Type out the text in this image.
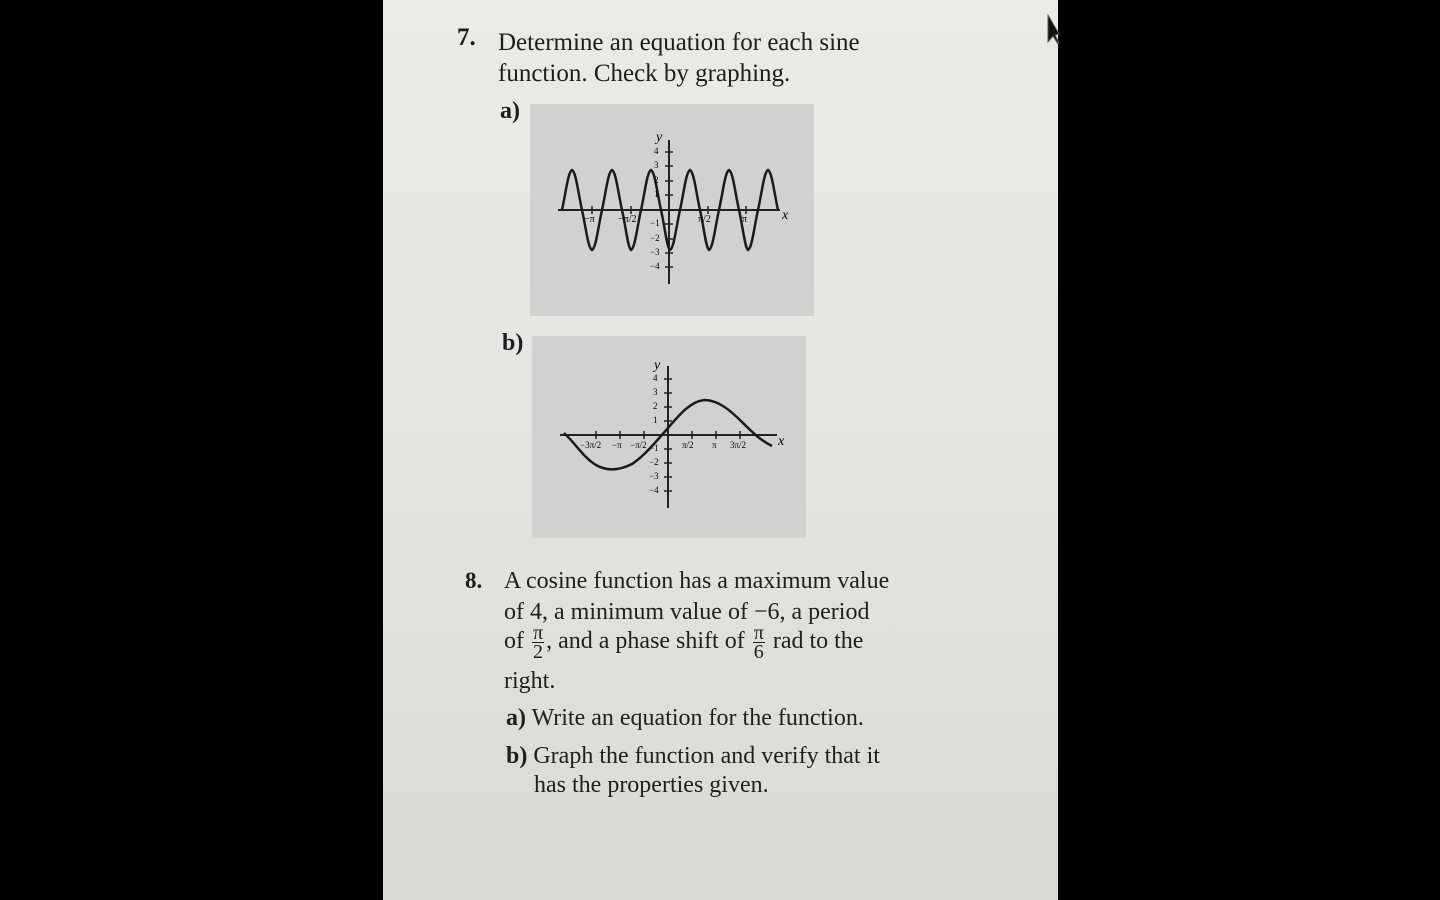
7. Determine an equation for each sine
function. Check by graphing.
a)
y
x
4
3
2
1
−1
−2
−3
−4
−π −π/2	π/2	π
b)
y
x
4
3
2
1
−1
−2
−3
−4
−3π/2 −π −π/2	π/2 π 3π/2
8. A cosine function has a maximum value
of 4, a minimum value of −6, a period
of $\frac{\pi}{2}$ , and a phase shift of $\frac{\pi}{6}$ rad to the
right.
a) Write an equation for the function.
b) Graph the function and verify that it
has the properties given.
